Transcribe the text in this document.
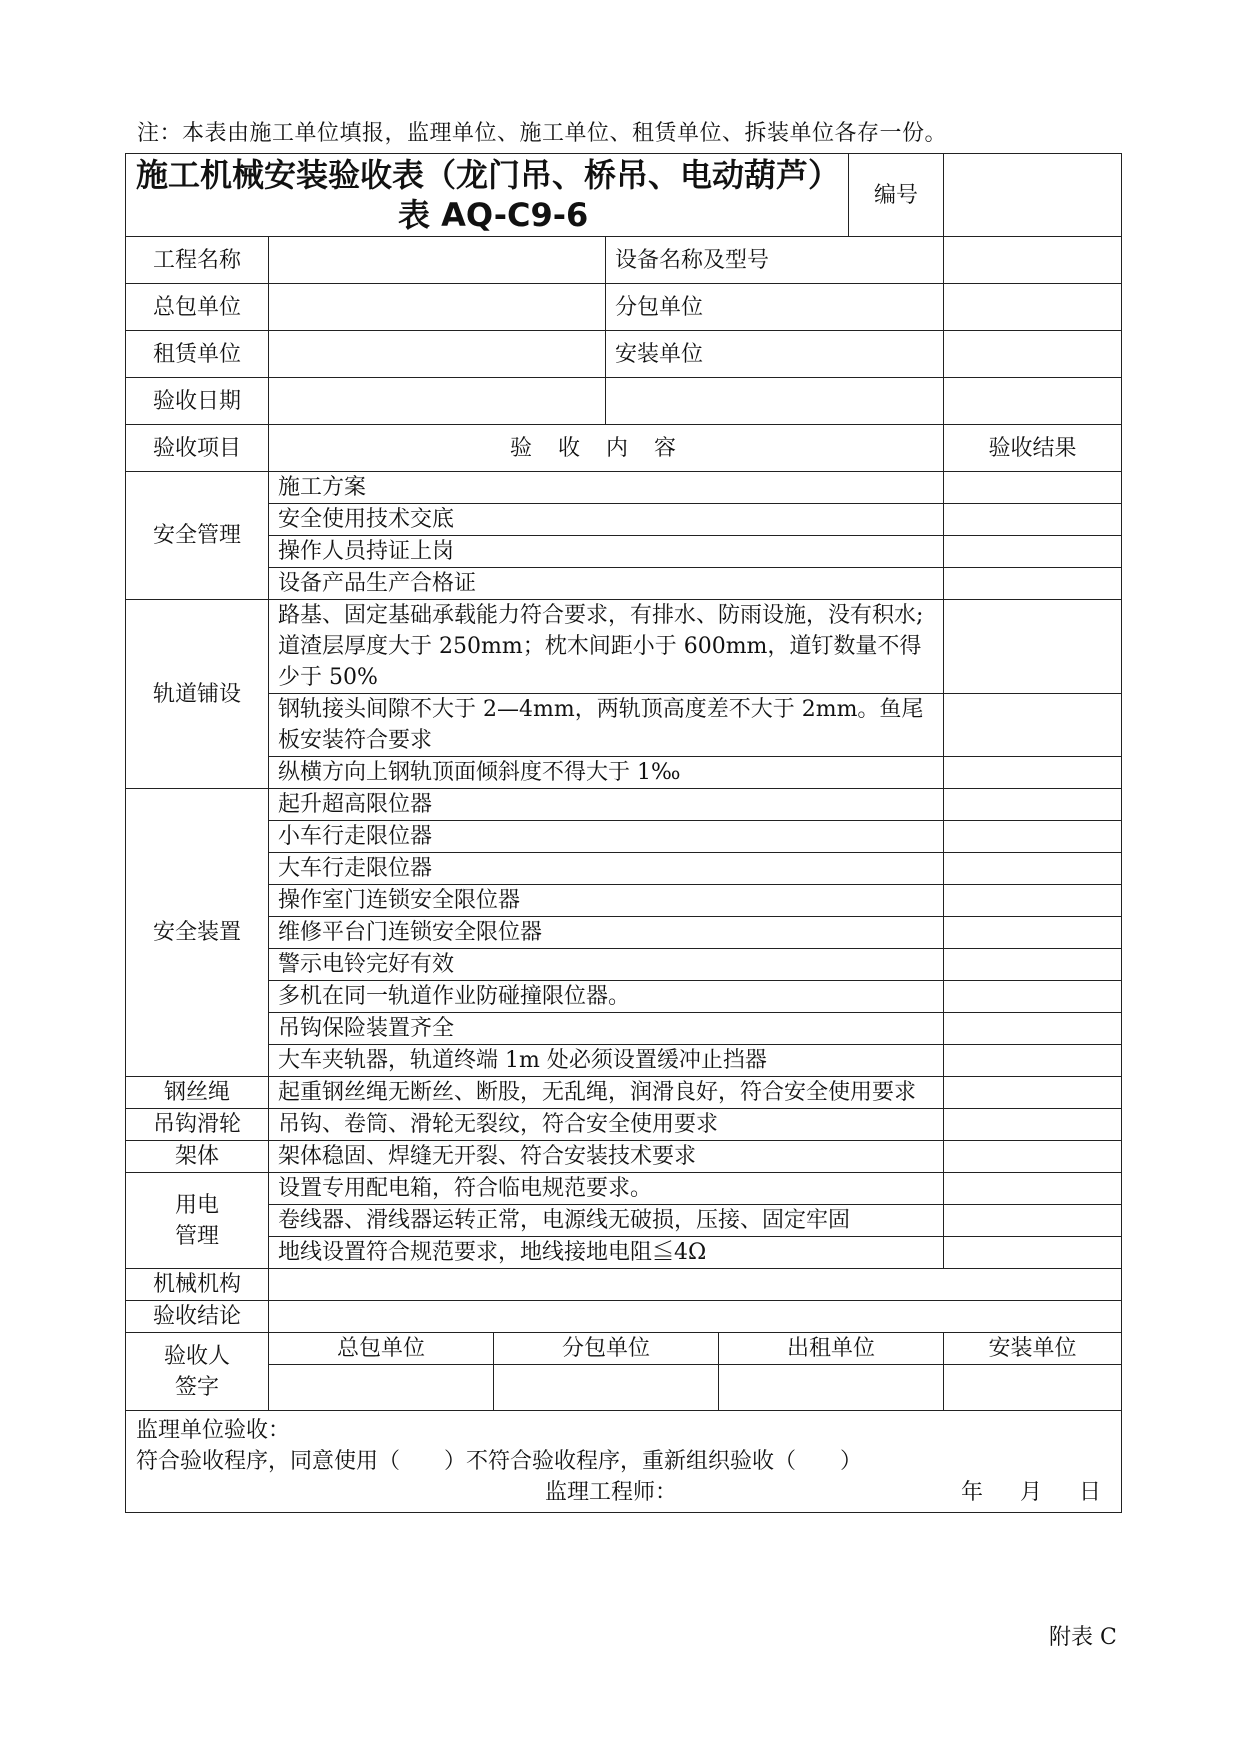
注：本表由施工单位填报，监理单位、施工单位、租赁单位、拆装单位各存一份。
施工机械安装验收表（龙门吊、桥吊、电动葫芦）
表 AQ-C9-6					编号	
工程名称			设备名称及型号			
总包单位			分包单位			
租赁单位			安装单位			
验收日期						
验收项目	验收内容					验收结果
安全管理	施工方案					
	安全使用技术交底					
	操作人员持证上岗					
	设备产品生产合格证					
轨道铺设	路基、固定基础承载能力符合要求，有排水、防雨设施，没有积水;道渣层厚度大于 250mm；枕木间距小于 600mm，道钉数量不得少于 50%					
	钢轨接头间隙不大于 2—4mm，两轨顶高度差不大于 2mm。鱼尾板安装符合要求					
	纵横方向上钢轨顶面倾斜度不得大于 1‰					
安全装置	起升超高限位器					
	小车行走限位器					
	大车行走限位器					
	操作室门连锁安全限位器					
	维修平台门连锁安全限位器					
	警示电铃完好有效					
	多机在同一轨道作业防碰撞限位器。					
	吊钩保险装置齐全					
	大车夹轨器，轨道终端 1m 处必须设置缓冲止挡器					
钢丝绳	起重钢丝绳无断丝、断股，无乱绳，润滑良好，符合安全使用要求					
吊钩滑轮	吊钩、卷筒、滑轮无裂纹，符合安全使用要求					
架体	架体稳固、焊缝无开裂、符合安装技术要求					

用电
管理	设置专用配电箱，符合临电规范要求。					
	卷线器、滑线器运转正常，电源线无破损，压接、固定牢固					
	地线设置符合规范要求，地线接地电阻≦4Ω					
机械机构						
验收结论						

验收人
签字	总包单位	分包单位		出租单位		安装单位

监理单位验收：
符合验收程序，同意使用（　　）不符合验收程序，重新组织验收（　　）
监理工程师： 年 月 日						
附表 C
